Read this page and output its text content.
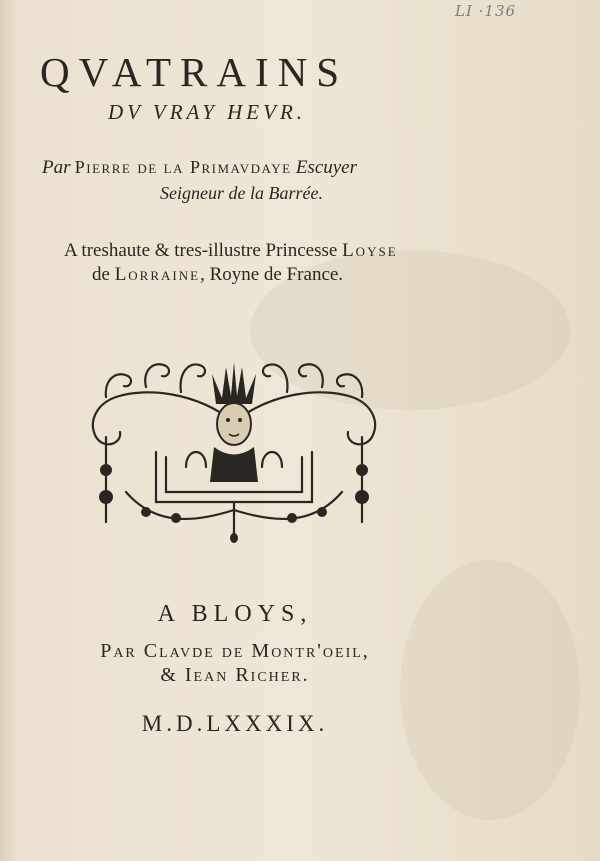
LI ·136
QVATRAINS
DV VRAY HEVR.
Par Pierre de la Primavdaye Escuyer
Seigneur de la Barrée.
A treshaute & tres-illustre Princesse Loyse
de Lorraine, Royne de France.
A BLOYS,
Par Clavde de Montr'oeil,
& Iean Richer.
M.D.LXXXIX.
